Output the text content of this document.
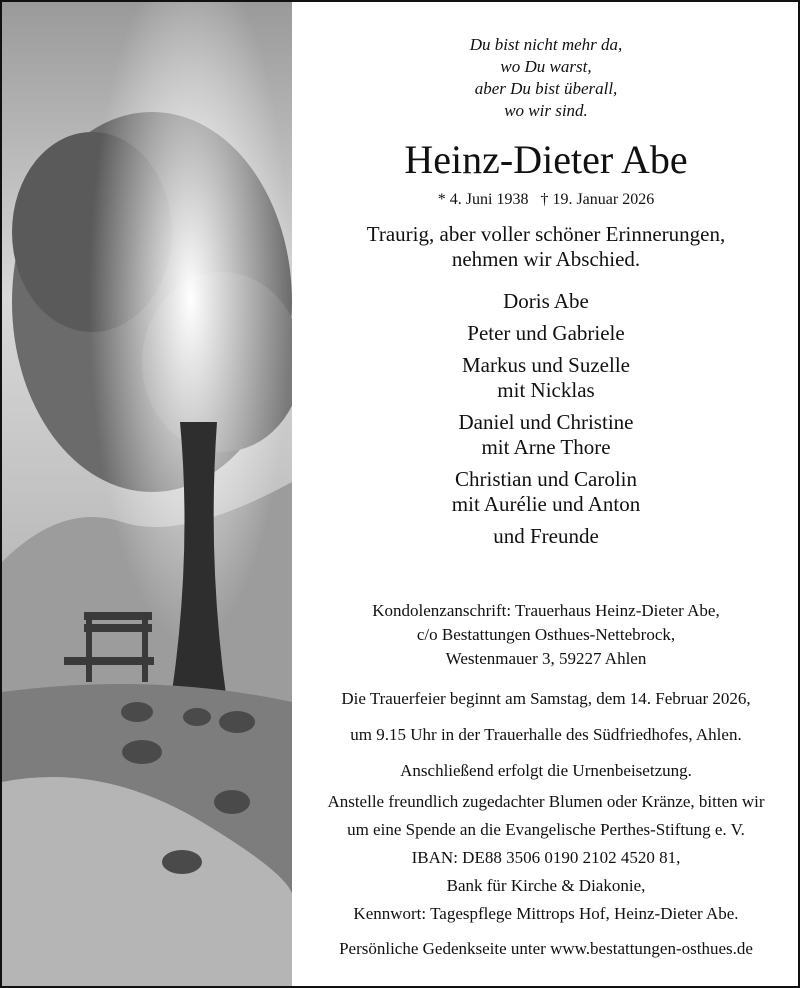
Du bist nicht mehr da,
wo Du warst,
aber Du bist überall,
wo wir sind.
Heinz-Dieter Abe
* 4. Juni 1938 † 19. Januar 2026
Traurig, aber voller schöner Erinnerungen,
nehmen wir Abschied.
Doris Abe
Peter und Gabriele
Markus und Suzelle
mit Nicklas
Daniel und Christine
mit Arne Thore
Christian und Carolin
mit Aurélie und Anton
und Freunde
Kondolenzanschrift: Trauerhaus Heinz-Dieter Abe,
c/o Bestattungen Osthues-Nettebrock,
Westenmauer 3, 59227 Ahlen
Die Trauerfeier beginnt am Samstag, dem 14. Februar 2026,
um 9.15 Uhr in der Trauerhalle des Südfriedhofes, Ahlen.
Anschließend erfolgt die Urnenbeisetzung.
Anstelle freundlich zugedachter Blumen oder Kränze, bitten wir
um eine Spende an die Evangelische Perthes-Stiftung e. V.
IBAN: DE88 3506 0190 2102 4520 81,
Bank für Kirche & Diakonie,
Kennwort: Tagespflege Mittrops Hof, Heinz-Dieter Abe.
Persönliche Gedenkseite unter www.bestattungen-osthues.de
